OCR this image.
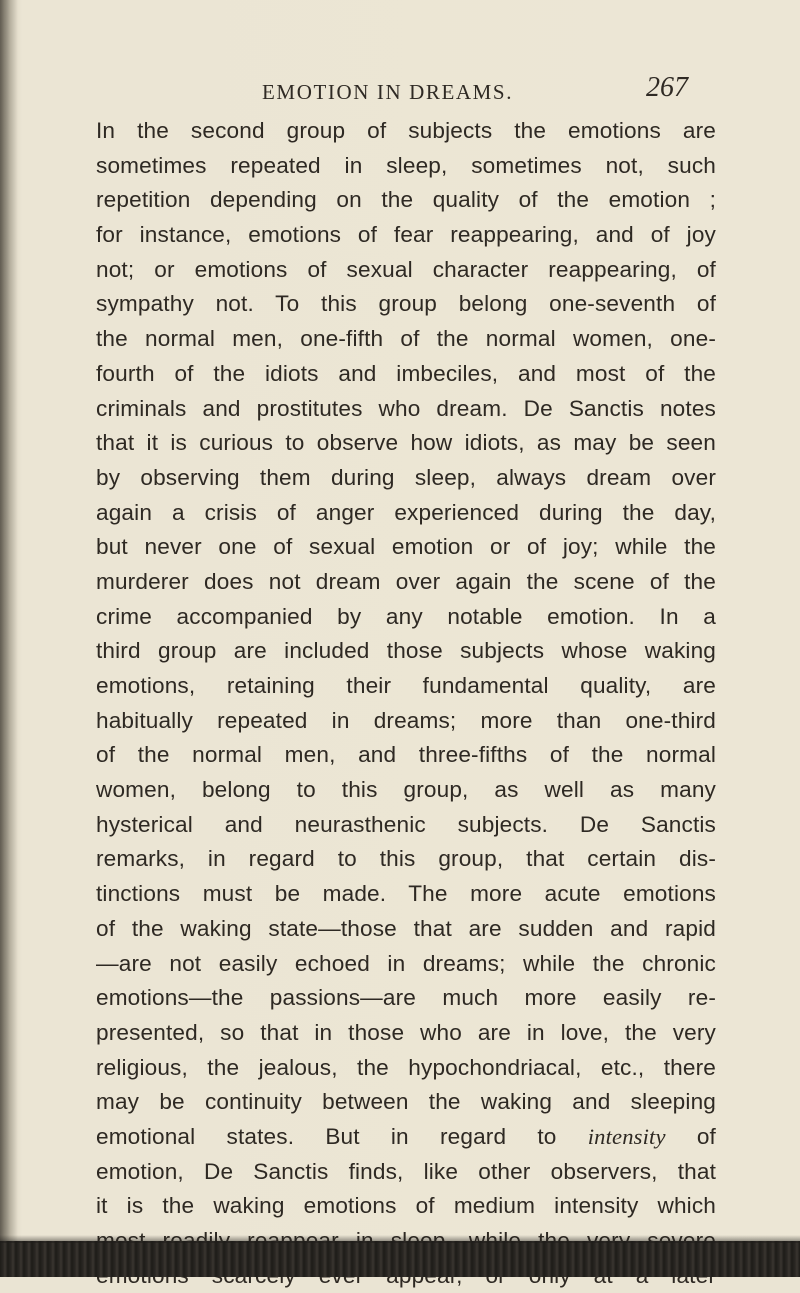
EMOTION IN DREAMS.	267
In the second group of subjects the emotions are
sometimes repeated in sleep, sometimes not, such
repetition depending on the quality of the emotion ;
for instance, emotions of fear reappearing, and of joy
not; or emotions of sexual character reappearing, of
sympathy not. To this group belong one-seventh of
the normal men, one-fifth of the normal women, one-
fourth of the idiots and imbeciles, and most of the
criminals and prostitutes who dream. De Sanctis notes
that it is curious to observe how idiots, as may be seen
by observing them during sleep, always dream over
again a crisis of anger experienced during the day,
but never one of sexual emotion or of joy; while the
murderer does not dream over again the scene of the
crime accompanied by any notable emotion. In a
third group are included those subjects whose waking
emotions, retaining their fundamental quality, are
habitually repeated in dreams; more than one-third
of the normal men, and three-fifths of the normal
women, belong to this group, as well as many
hysterical and neurasthenic subjects. De Sanctis
remarks, in regard to this group, that certain dis-
tinctions must be made. The more acute emotions
of the waking state—those that are sudden and rapid
—are not easily echoed in dreams; while the chronic
emotions—the passions—are much more easily re-
presented, so that in those who are in love, the very
religious, the jealous, the hypochondriacal, etc., there
may be continuity between the waking and sleeping
emotional states. But in regard to intensity of
emotion, De Sanctis finds, like other observers, that
it is the waking emotions of medium intensity which
